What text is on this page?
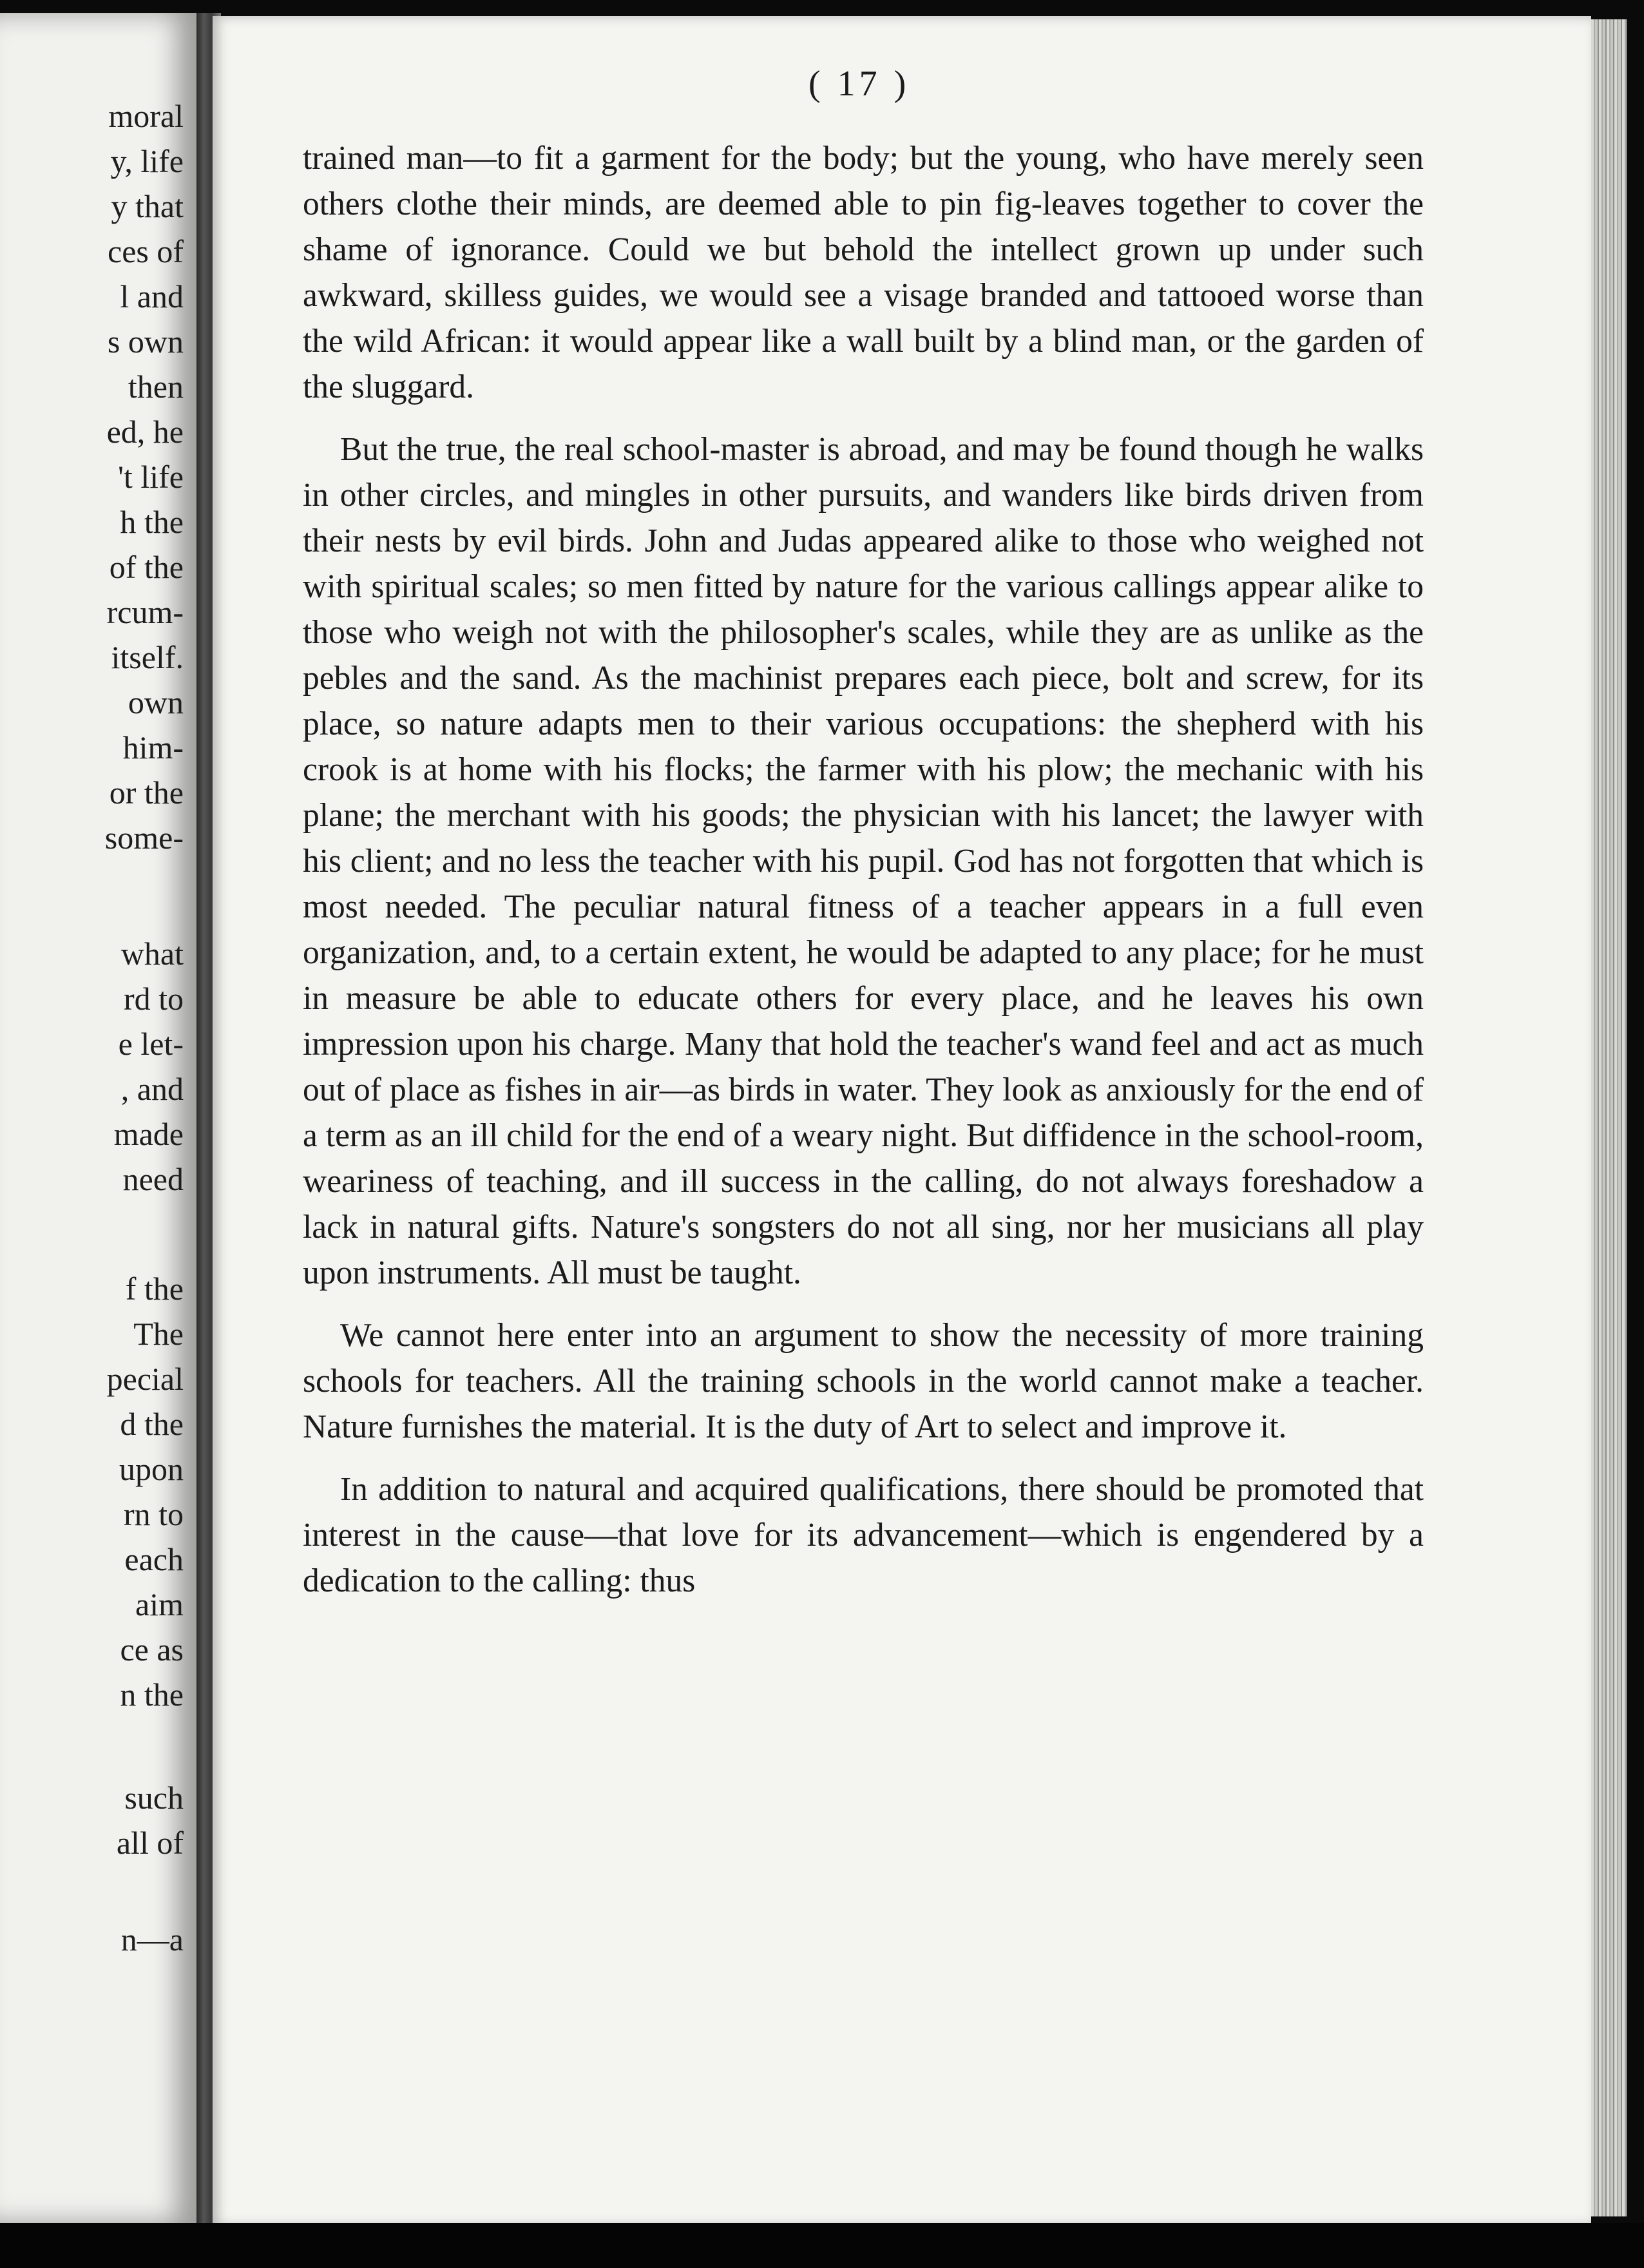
moral
y, life
y that
ces of
l and
s own
then
ed, he
't life
h the
of the
rcum-
itself.
own
him-
or the
some-
what
rd to
e let-
, and
made
need
f the
The
pecial
d the
upon
rn to
each
aim
ce as
n the
such
all of
n—a
( 17 )

trained man—to fit a garment for the body; but the young, who have merely seen others clothe their minds, are deemed able to pin fig-leaves together to cover the shame of ignorance. Could we but behold the intellect grown up under such awkward, skilless guides, we would see a visage branded and tattooed worse than the wild African: it would appear like a wall built by a blind man, or the garden of the sluggard.

But the true, the real school-master is abroad, and may be found though he walks in other circles, and mingles in other pursuits, and wanders like birds driven from their nests by evil birds. John and Judas appeared alike to those who weighed not with spiritual scales; so men fitted by nature for the various callings appear alike to those who weigh not with the philosopher's scales, while they are as unlike as the pebles and the sand. As the machinist prepares each piece, bolt and screw, for its place, so nature adapts men to their various occupations: the shepherd with his crook is at home with his flocks; the farmer with his plow; the mechanic with his plane; the merchant with his goods; the physician with his lancet; the lawyer with his client; and no less the teacher with his pupil. God has not forgotten that which is most needed. The peculiar natural fitness of a teacher appears in a full even organization, and, to a certain extent, he would be adapted to any place; for he must in measure be able to educate others for every place, and he leaves his own impression upon his charge. Many that hold the teacher's wand feel and act as much out of place as fishes in air—as birds in water. They look as anxiously for the end of a term as an ill child for the end of a weary night. But diffidence in the school-room, weariness of teaching, and ill success in the calling, do not always foreshadow a lack in natural gifts. Nature's songsters do not all sing, nor her musicians all play upon instruments. All must be taught.

We cannot here enter into an argument to show the necessity of more training schools for teachers. All the training schools in the world cannot make a teacher. Nature furnishes the material. It is the duty of Art to select and improve it.

In addition to natural and acquired qualifications, there should be promoted that interest in the cause—that love for its advancement—which is engendered by a dedication to the calling: thus
